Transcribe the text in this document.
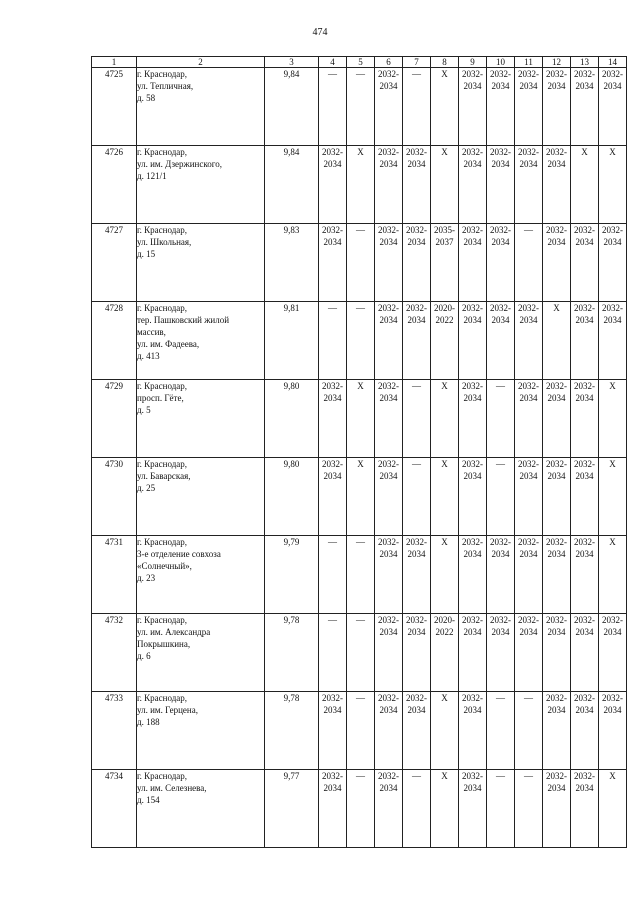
474
1	2	3	4	5	6	7	8	9	10	11	12	13	14
4725	г. Краснодар,
ул. Тепличная,
д. 58	9,84	—	—	2032-
2034	—	X	2032-
2034	2032-
2034	2032-
2034	2032-
2034	2032-
2034	2032-
2034
4726	г. Краснодар,
ул. им. Дзержинского,
д. 121/1	9,84	2032-
2034	X	2032-
2034	2032-
2034	X	2032-
2034	2032-
2034	2032-
2034	2032-
2034	X	X
4727	г. Краснодар,
ул. Школьная,
д. 15	9,83	2032-
2034	—	2032-
2034	2032-
2034	2035-
2037	2032-
2034	2032-
2034	—	2032-
2034	2032-
2034	2032-
2034
4728	г. Краснодар,
тер. Пашковский жилой
массив,
ул. им. Фадеева,
д. 413	9,81	—	—	2032-
2034	2032-
2034	2020-
2022	2032-
2034	2032-
2034	2032-
2034	X	2032-
2034	2032-
2034
4729	г. Краснодар,
просп. Гёте,
д. 5	9,80	2032-
2034	X	2032-
2034	—	X	2032-
2034	—	2032-
2034	2032-
2034	2032-
2034	X
4730	г. Краснодар,
ул. Баварская,
д. 25	9,80	2032-
2034	X	2032-
2034	—	X	2032-
2034	—	2032-
2034	2032-
2034	2032-
2034	X
4731	г. Краснодар,
3-е отделение совхоза
«Солнечный»,
д. 23	9,79	—	—	2032-
2034	2032-
2034	X	2032-
2034	2032-
2034	2032-
2034	2032-
2034	2032-
2034	X
4732	г. Краснодар,
ул. им. Александра
Покрышкина,
д. 6	9,78	—	—	2032-
2034	2032-
2034	2020-
2022	2032-
2034	2032-
2034	2032-
2034	2032-
2034	2032-
2034	2032-
2034
4733	г. Краснодар,
ул. им. Герцена,
д. 188	9,78	2032-
2034	—	2032-
2034	2032-
2034	X	2032-
2034	—	—	2032-
2034	2032-
2034	2032-
2034
4734	г. Краснодар,
ул. им. Селезнева,
д. 154	9,77	2032-
2034	—	2032-
2034	—	X	2032-
2034	—	—	2032-
2034	2032-
2034	X
